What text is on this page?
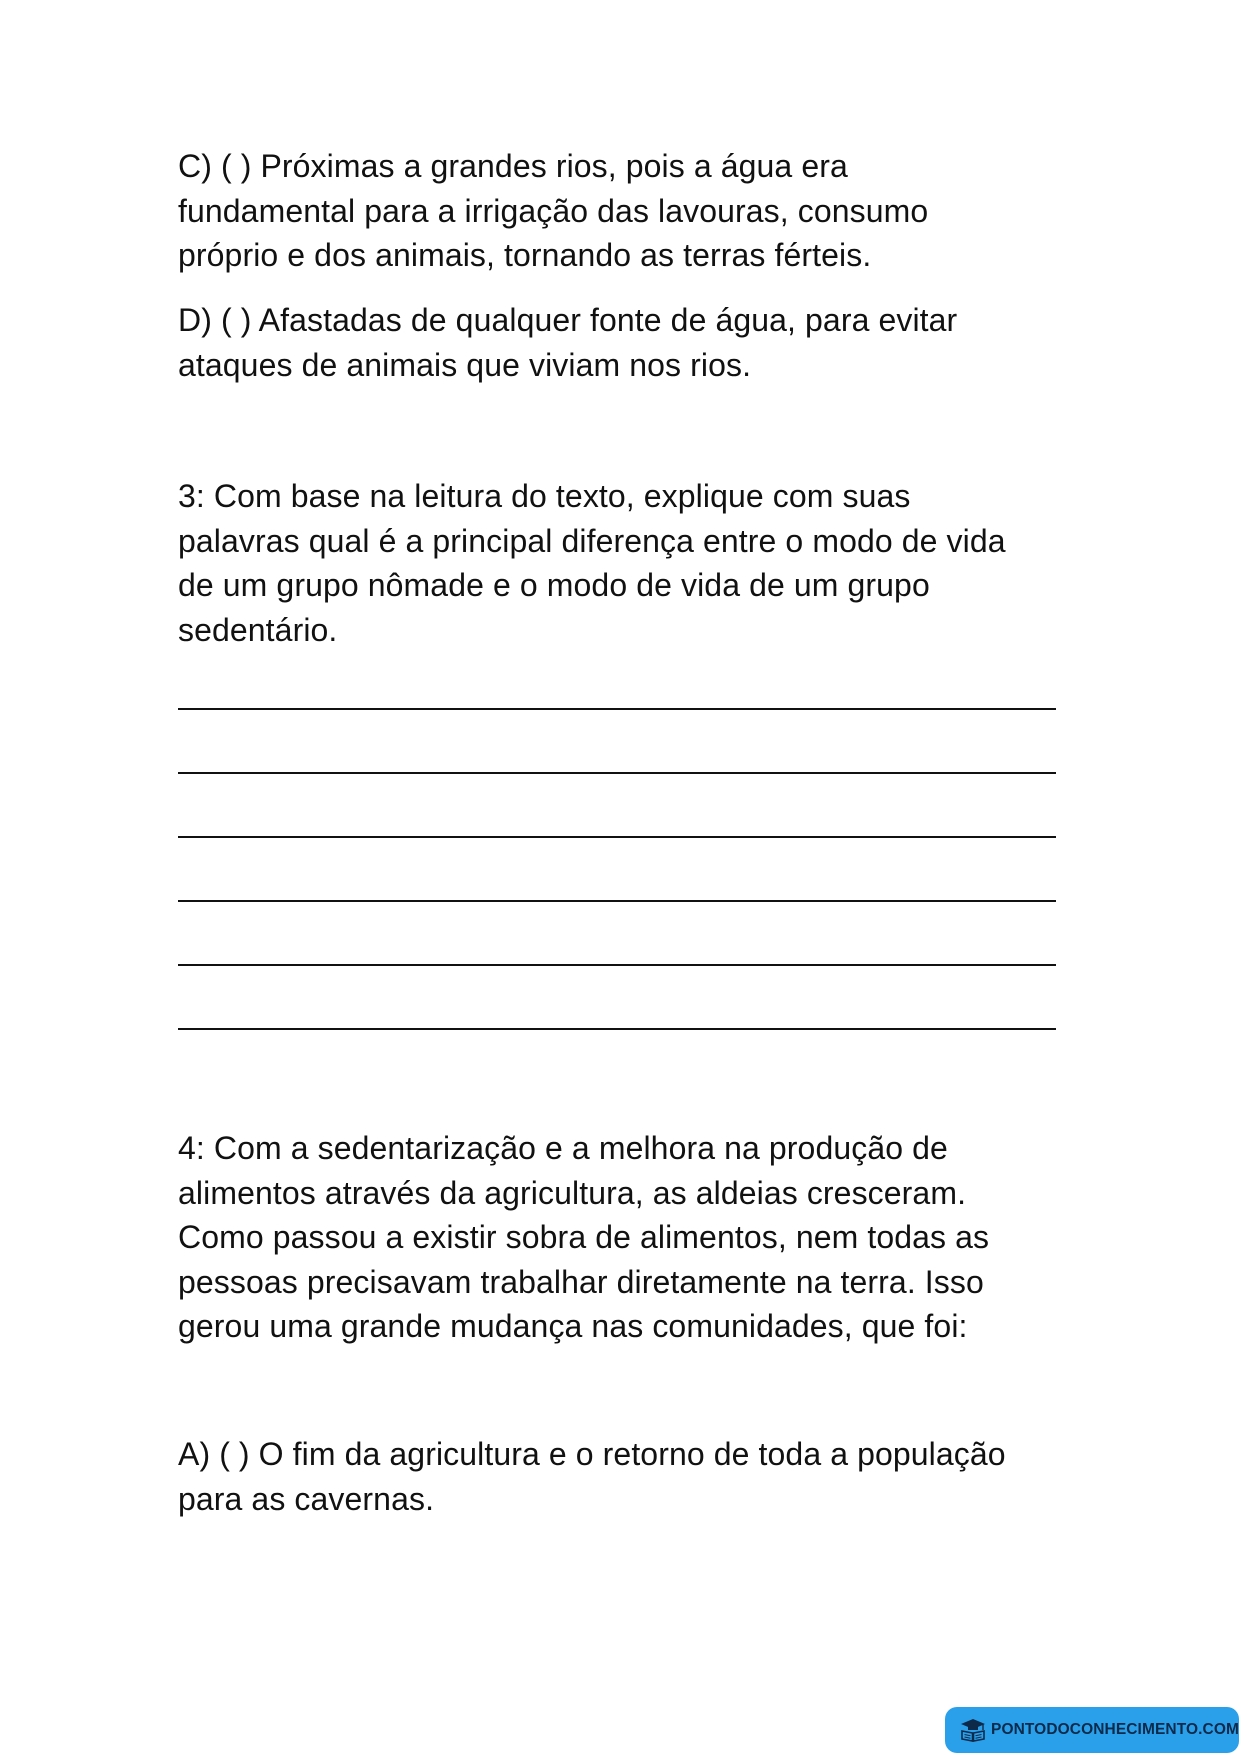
C) ( ) Próximas a grandes rios, pois a água era
fundamental para a irrigação das lavouras, consumo
próprio e dos animais, tornando as terras férteis.
D) ( ) Afastadas de qualquer fonte de água, para evitar
ataques de animais que viviam nos rios.
3: Com base na leitura do texto, explique com suas
palavras qual é a principal diferença entre o modo de vida
de um grupo nômade e o modo de vida de um grupo
sedentário.
4: Com a sedentarização e a melhora na produção de
alimentos através da agricultura, as aldeias cresceram.
Como passou a existir sobra de alimentos, nem todas as
pessoas precisavam trabalhar diretamente na terra. Isso
gerou uma grande mudança nas comunidades, que foi:
A) ( ) O fim da agricultura e o retorno de toda a população
para as cavernas.
PONTODOCONHECIMENTO.COM
